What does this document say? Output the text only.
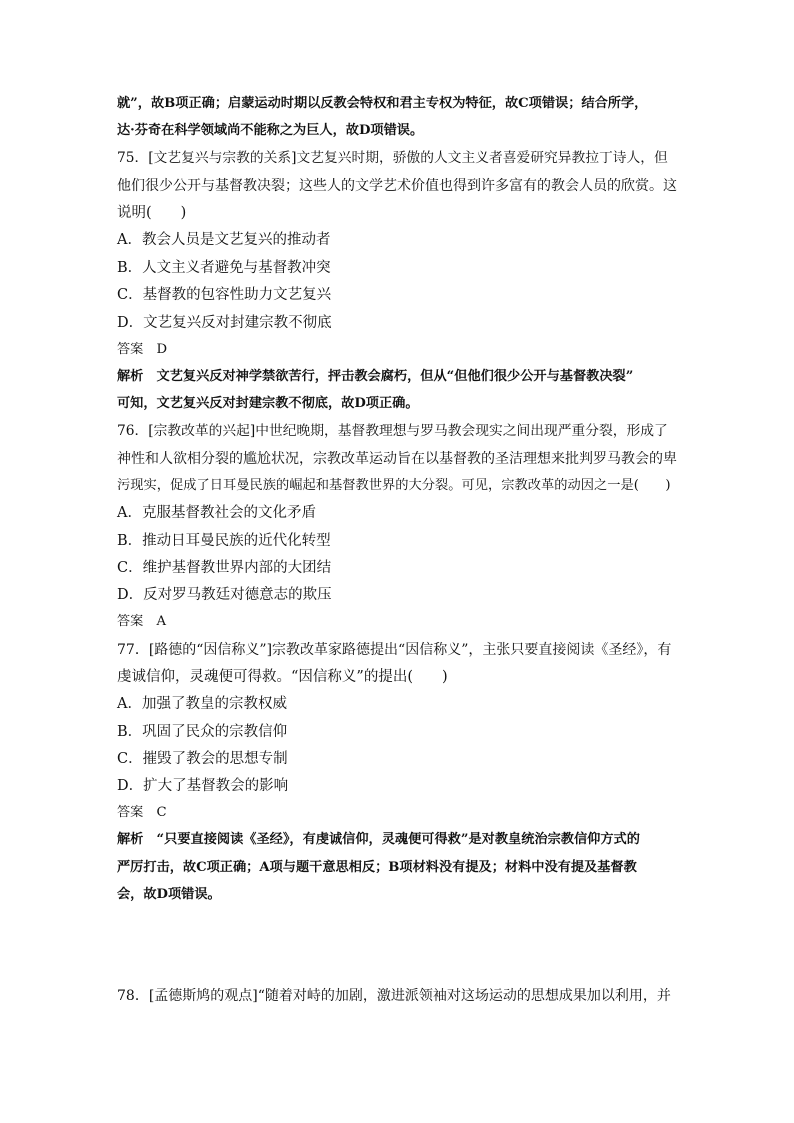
就”，故B项正确；启蒙运动时期以反教会特权和君主专权为特征，故C项错误；结合所学，
达·芬奇在科学领域尚不能称之为巨人，故D项错误。
75．[文艺复兴与宗教的关系]文艺复兴时期，骄傲的人文主义者喜爱研究异教拉丁诗人，但
他们很少公开与基督教决裂；这些人的文学艺术价值也得到许多富有的教会人员的欣赏。这
说明(　　)
A．教会人员是文艺复兴的推动者
B．人文主义者避免与基督教冲突
C．基督教的包容性助力文艺复兴
D．文艺复兴反对封建宗教不彻底
答案　D
解析　文艺复兴反对神学禁欲苦行，抨击教会腐朽，但从“但他们很少公开与基督教决裂”
可知，文艺复兴反对封建宗教不彻底，故D项正确。
76．[宗教改革的兴起]中世纪晚期，基督教理想与罗马教会现实之间出现严重分裂，形成了
神性和人欲相分裂的尴尬状况，宗教改革运动旨在以基督教的圣洁理想来批判罗马教会的卑
污现实，促成了日耳曼民族的崛起和基督教世界的大分裂。可见，宗教改革的动因之一是(　　)
A．克服基督教社会的文化矛盾
B．推动日耳曼民族的近代化转型
C．维护基督教世界内部的大团结
D．反对罗马教廷对德意志的欺压
答案　A
77．[路德的“因信称义”]宗教改革家路德提出“因信称义”，主张只要直接阅读《圣经》，有
虔诚信仰，灵魂便可得救。“因信称义”的提出(　　)
A．加强了教皇的宗教权威
B．巩固了民众的宗教信仰
C．摧毁了教会的思想专制
D．扩大了基督教会的影响
答案　C
解析　“只要直接阅读《圣经》，有虔诚信仰，灵魂便可得救”是对教皇统治宗教信仰方式的
严厉打击，故C项正确；A项与题干意思相反；B项材料没有提及；材料中没有提及基督教
会，故D项错误。
78．[孟德斯鸠的观点]“随着对峙的加剧，激进派领袖对这场运动的思想成果加以利用，并
